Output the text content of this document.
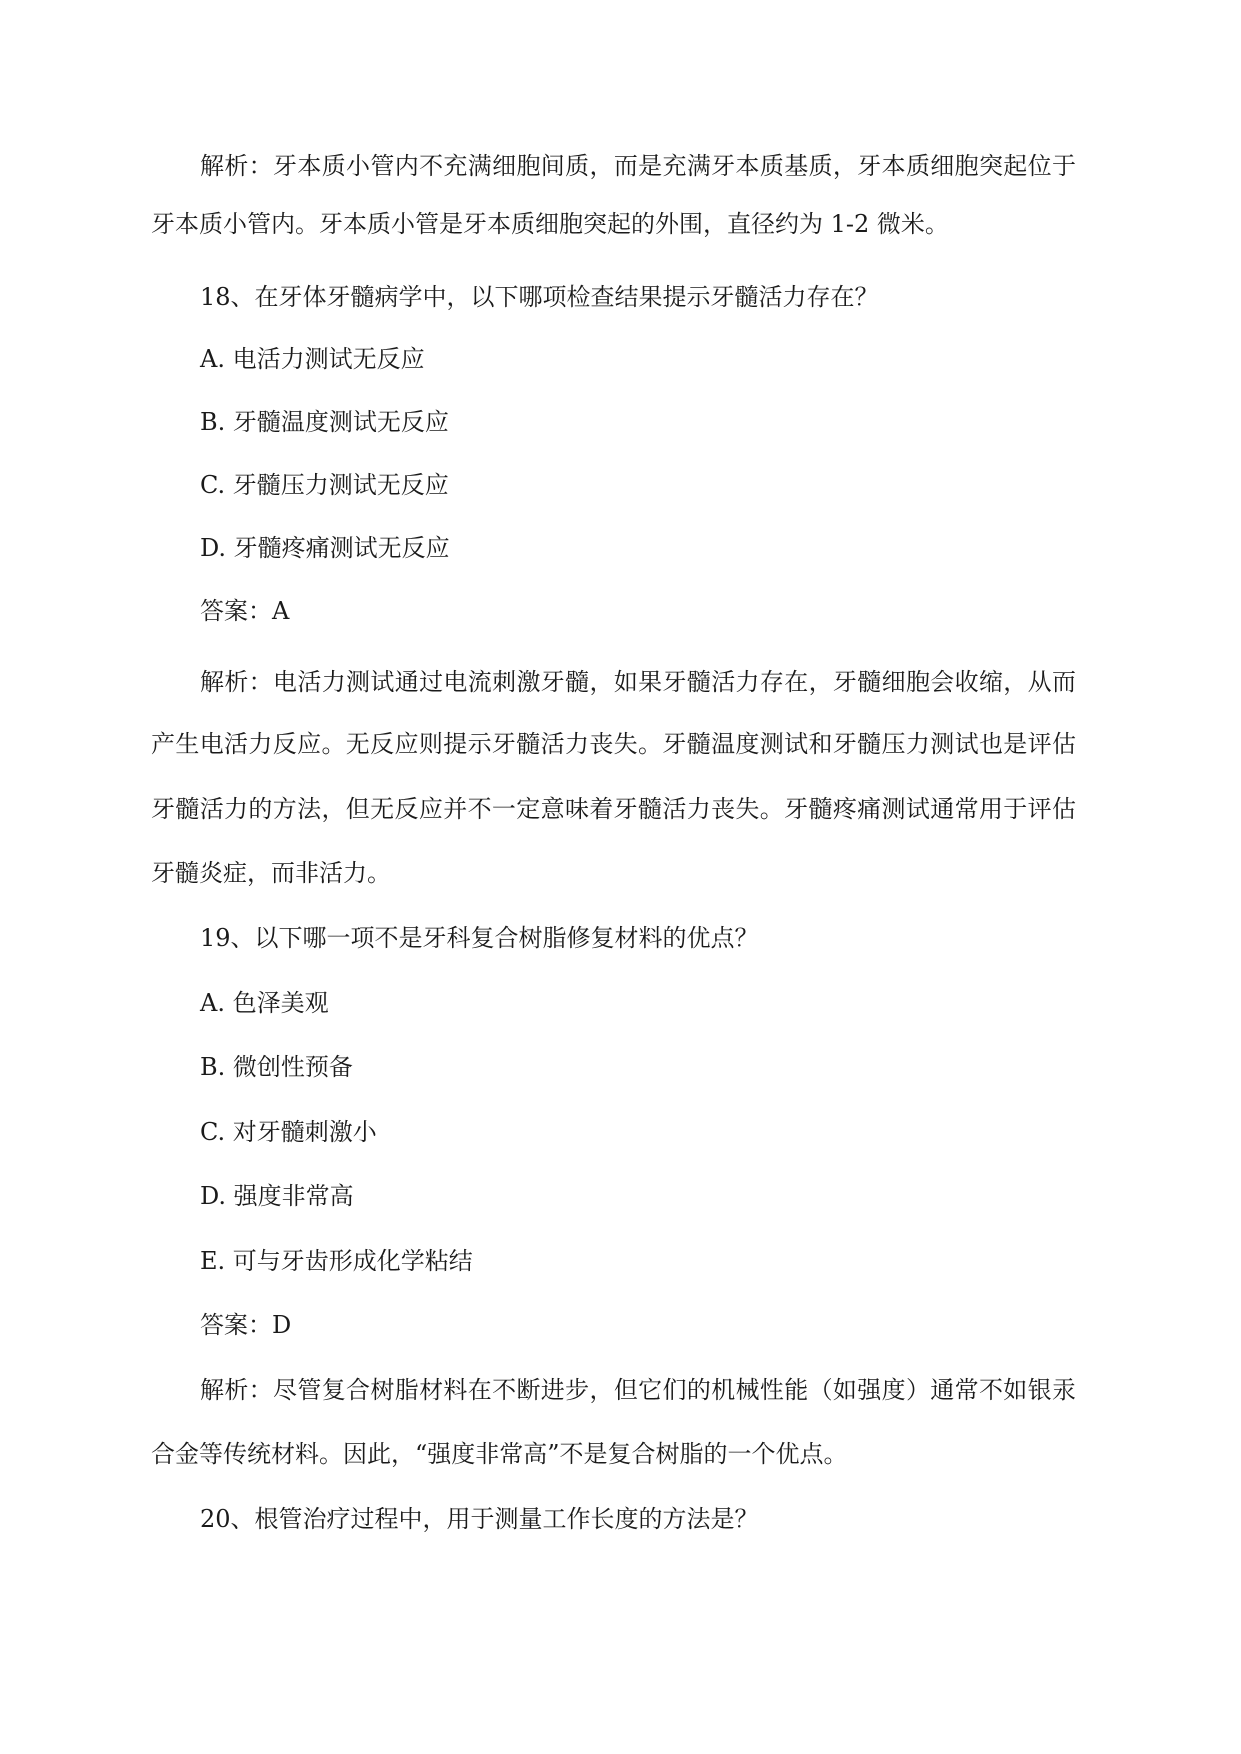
解析：牙本质小管内不充满细胞间质，而是充满牙本质基质，牙本质细胞突起位于
牙本质小管内。牙本质小管是牙本质细胞突起的外围，直径约为 1-2 微米。
18、在牙体牙髓病学中，以下哪项检查结果提示牙髓活力存在？
A. 电活力测试无反应
B. 牙髓温度测试无反应
C. 牙髓压力测试无反应
D. 牙髓疼痛测试无反应
答案：A
解析：电活力测试通过电流刺激牙髓，如果牙髓活力存在，牙髓细胞会收缩，从而
产生电活力反应。无反应则提示牙髓活力丧失。牙髓温度测试和牙髓压力测试也是评估
牙髓活力的方法，但无反应并不一定意味着牙髓活力丧失。牙髓疼痛测试通常用于评估
牙髓炎症，而非活力。
19、以下哪一项不是牙科复合树脂修复材料的优点？
A. 色泽美观
B. 微创性预备
C. 对牙髓刺激小
D. 强度非常高
E. 可与牙齿形成化学粘结
答案：D
解析：尽管复合树脂材料在不断进步，但它们的机械性能（如强度）通常不如银汞
合金等传统材料。因此，“强度非常高”不是复合树脂的一个优点。
20、根管治疗过程中，用于测量工作长度的方法是？
